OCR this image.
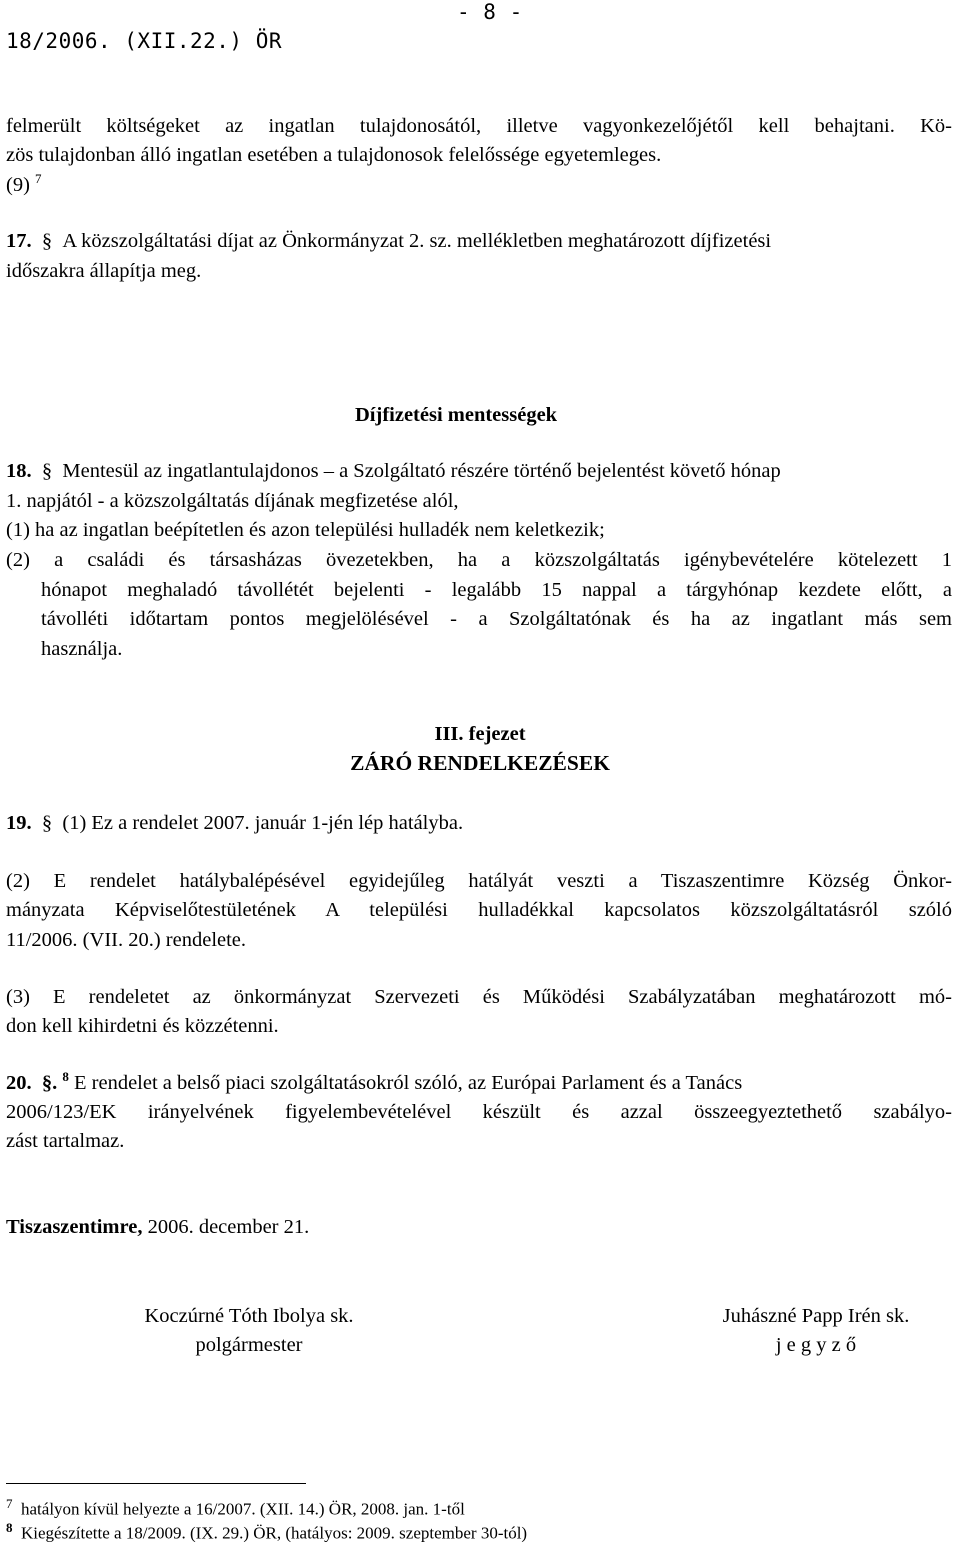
18/2006. (XII.22.) ÖR
- 8 -
felmerült költségeket az ingatlan tulajdonosától, illetve vagyonkezelőjétől kell behajtani. Kö-
zös tulajdonban álló ingatlan esetében a tulajdonosok felelőssége egyetemleges.
(9) $^7$
17. § A közszolgáltatási díjat az Önkormányzat 2. sz. mellékletben meghatározott díjfizetési
időszakra állapítja meg.
Díjfizetési mentességek
18. § Mentesül az ingatlantulajdonos – a Szolgáltató részére történő bejelentést követő hónap
1. napjától - a közszolgáltatás díjának megfizetése alól,
(1) ha az ingatlan beépítetlen és azon települési hulladék nem keletkezik;
(2) a családi és társasházas övezetekben, ha a közszolgáltatás igénybevételére kötelezett 1
hónapot meghaladó távollétét bejelenti - legalább 15 nappal a tárgyhónap kezdete előtt, a
távolléti időtartam pontos megjelölésével - a Szolgáltatónak és ha az ingatlant más sem
használja.
III. fejezet
ZÁRÓ RENDELKEZÉSEK
19. § (1) Ez a rendelet 2007. január 1-jén lép hatályba.
(2) E rendelet hatálybalépésével egyidejűleg hatályát veszti a Tiszaszentimre Község Önkor-
mányzata Képviselőtestületének A települési hulladékkal kapcsolatos közszolgáltatásról szóló
11/2006. (VII. 20.) rendelete.
(3) E rendeletet az önkormányzat Szervezeti és Működési Szabályzatában meghatározott mó-
don kell kihirdetni és közzétenni.
20. §. $^8$ E rendelet a belső piaci szolgáltatásokról szóló, az Európai Parlament és a Tanács
2006/123/EK irányelvének figyelembevételével készült és azzal összeegyeztethető szabályo-
zást tartalmaz.
Tiszaszentimre, 2006. december 21.
Koczúrné Tóth Ibolya sk.
polgármester
Juhászné Papp Irén sk.
j e g y z ő
$^7$ hatályon kívül helyezte a 16/2007. (XII. 14.) ÖR, 2008. jan. 1-től
$^8$ Kiegészítette a 18/2009. (IX. 29.) ÖR, (hatályos: 2009. szeptember 30-tól)
